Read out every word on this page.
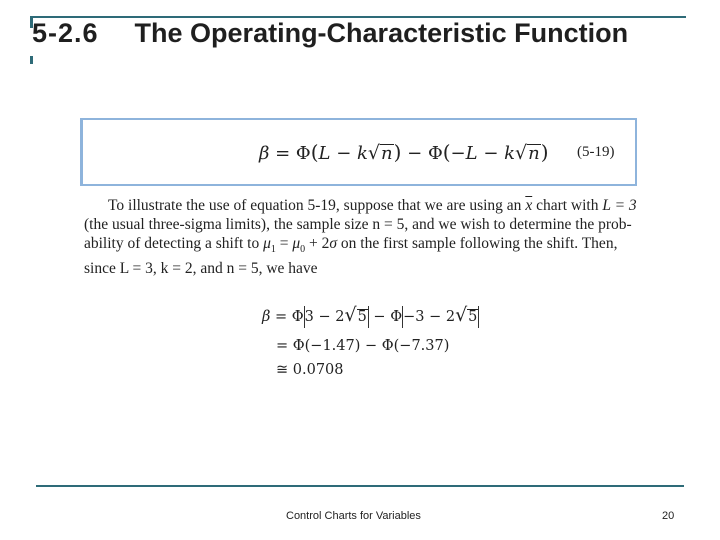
5-2.6 The Operating-Characteristic Function
β = Φ(L − k√n) − Φ(−L − k√n) (5-19)
To illustrate the use of equation 5-19, suppose that we are using an $\overline{x}$ chart with L = 3
(the usual three-sigma limits), the sample size n = 5, and we wish to determine the prob-
ability of detecting a shift to $\mu_1 = \mu_0 + 2\sigma$ on the first sample following the shift. Then,
since L = 3, k = 2, and n = 5, we have
β = Φ3 − 2√5 − Φ−3 − 2√5
= Φ(−1.47) − Φ(−7.37)
≅ 0.0708
Control Charts for Variables	20
